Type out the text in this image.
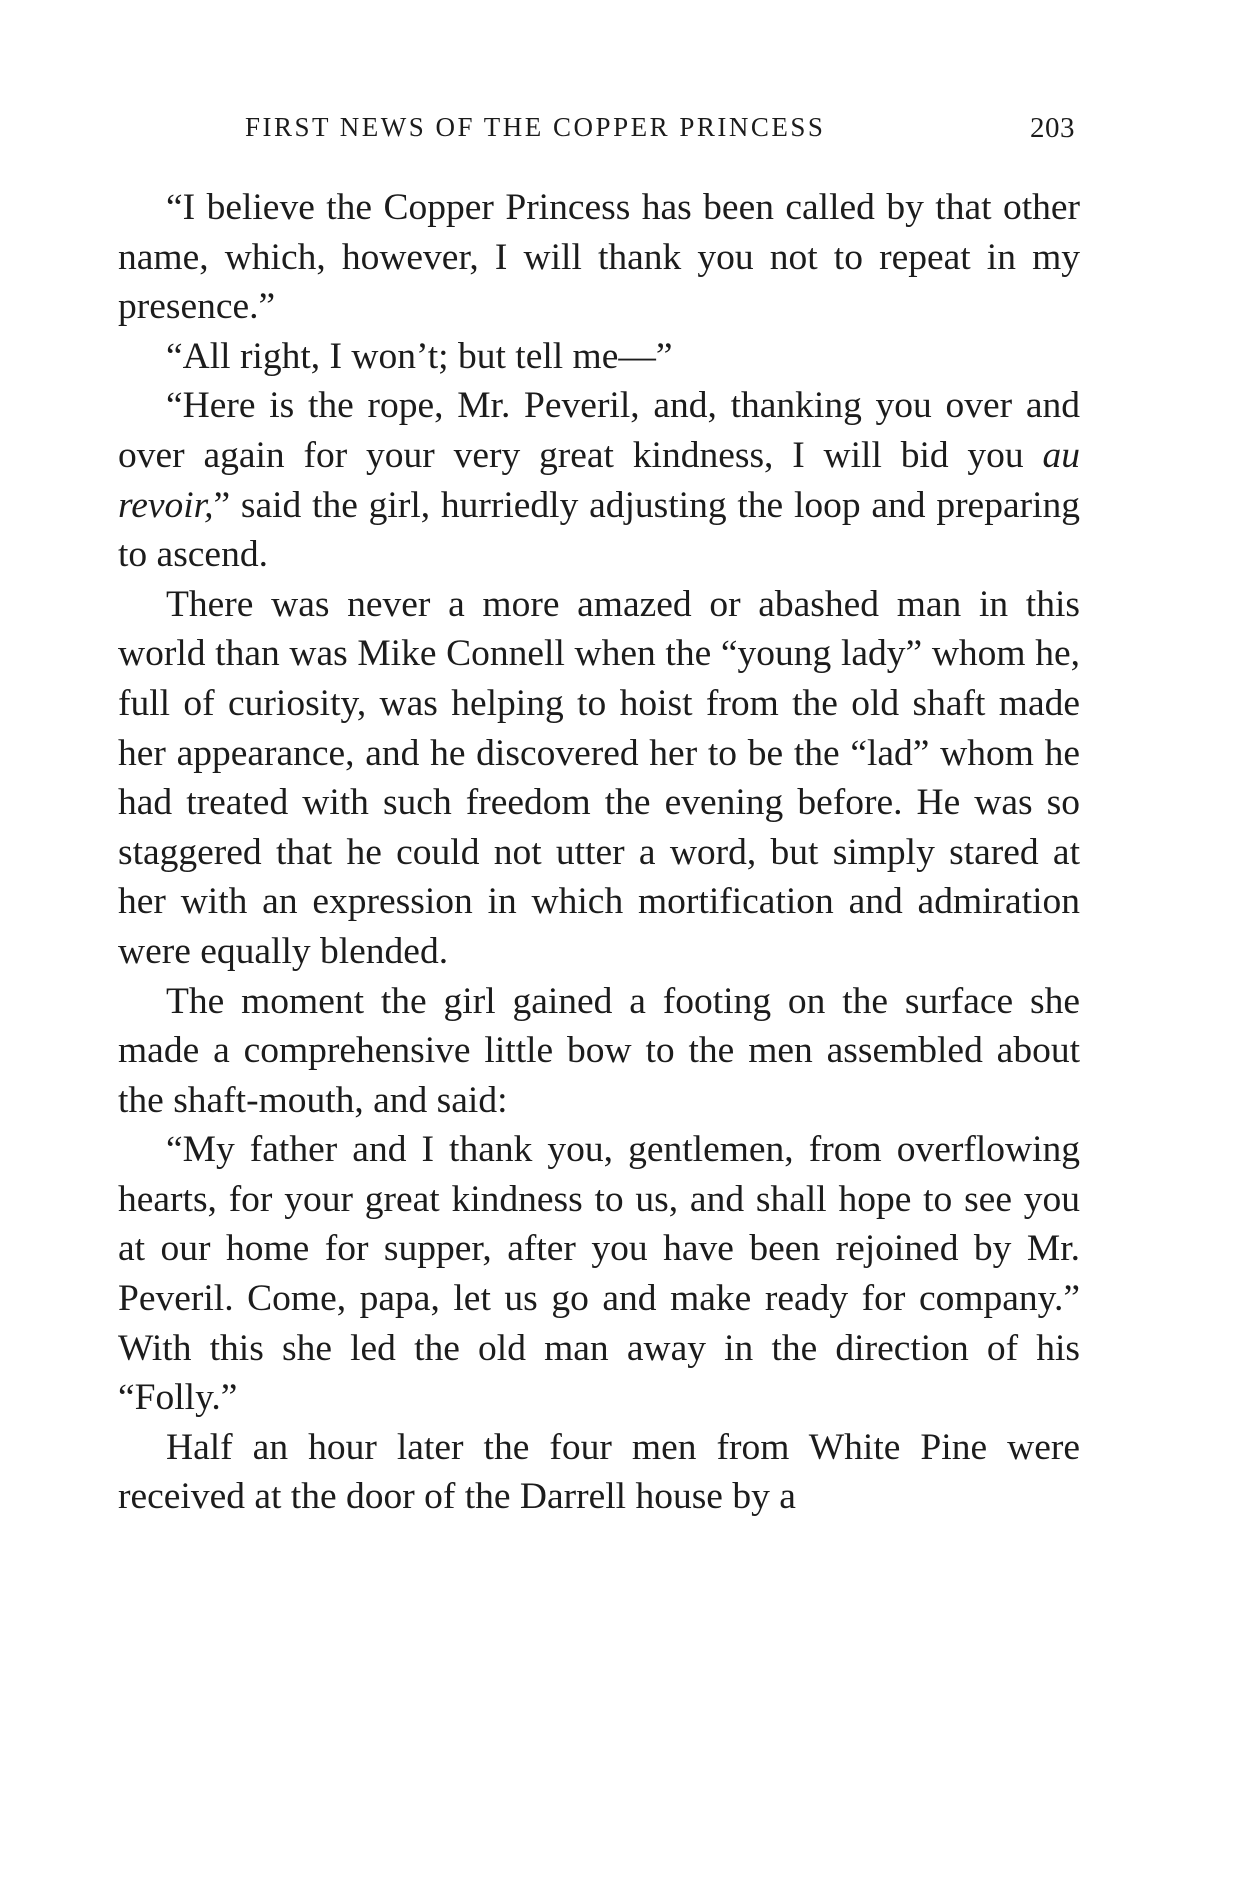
FIRST NEWS OF THE COPPER PRINCESS	203

“I believe the Copper Princess has been called by that other name, which, however, I will thank you not to repeat in my presence.”

“All right, I won’t; but tell me—”

“Here is the rope, Mr. Peveril, and, thanking you over and over again for your very great kindness, I will bid you au revoir,” said the girl, hurriedly adjusting the loop and preparing to ascend.

There was never a more amazed or abashed man in this world than was Mike Connell when the “young lady” whom he, full of curiosity, was helping to hoist from the old shaft made her appearance, and he discovered her to be the “lad” whom he had treated with such freedom the evening before. He was so staggered that he could not utter a word, but simply stared at her with an expression in which mortification and admiration were equally blended.

The moment the girl gained a footing on the surface she made a comprehensive little bow to the men assembled about the shaft-mouth, and said:

“My father and I thank you, gentlemen, from overflowing hearts, for your great kindness to us, and shall hope to see you at our home for supper, after you have been rejoined by Mr. Peveril. Come, papa, let us go and make ready for company.” With this she led the old man away in the direction of his “Folly.”

Half an hour later the four men from White Pine were received at the door of the Darrell house by a
